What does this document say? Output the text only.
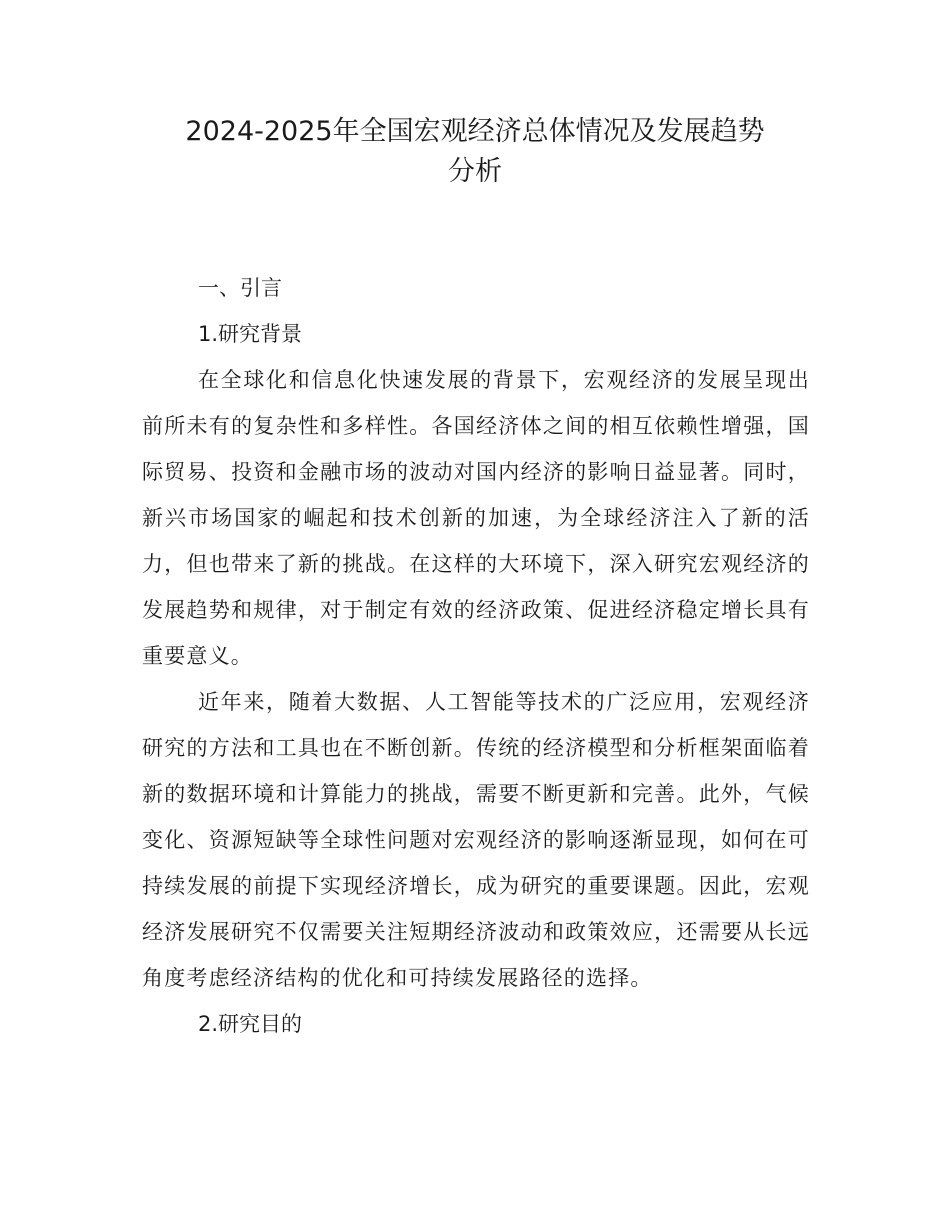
2024-2025年全国宏观经济总体情况及发展趋势
分析

一、引言

1.研究背景

在全球化和信息化快速发展的背景下，宏观经济的发展呈现出前所未有的复杂性和多样性。各国经济体之间的相互依赖性增强，国际贸易、投资和金融市场的波动对国内经济的影响日益显著。同时，新兴市场国家的崛起和技术创新的加速，为全球经济注入了新的活力，但也带来了新的挑战。在这样的大环境下，深入研究宏观经济的发展趋势和规律，对于制定有效的经济政策、促进经济稳定增长具有重要意义。

近年来，随着大数据、人工智能等技术的广泛应用，宏观经济研究的方法和工具也在不断创新。传统的经济模型和分析框架面临着新的数据环境和计算能力的挑战，需要不断更新和完善。此外，气候变化、资源短缺等全球性问题对宏观经济的影响逐渐显现，如何在可持续发展的前提下实现经济增长，成为研究的重要课题。因此，宏观经济发展研究不仅需要关注短期经济波动和政策效应，还需要从长远角度考虑经济结构的优化和可持续发展路径的选择。

2.研究目的
